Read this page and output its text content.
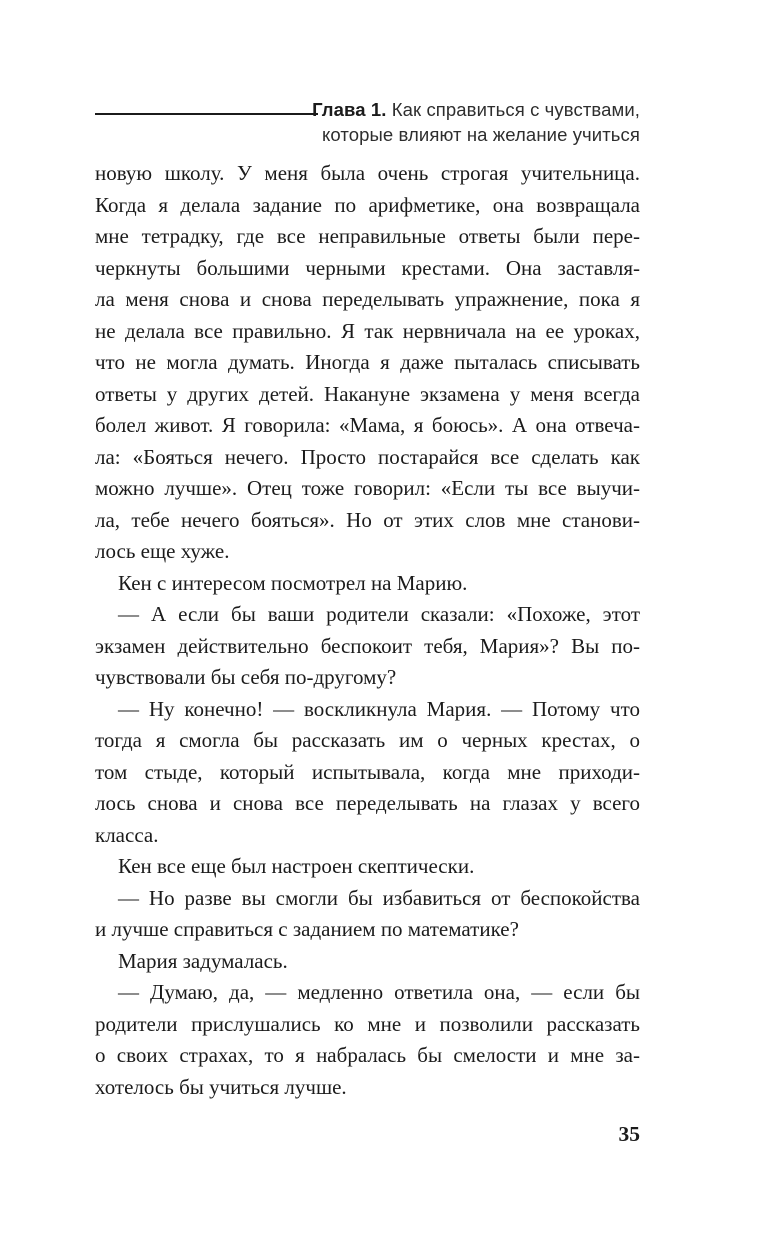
Глава 1. Как справиться с чувствами,
которые влияют на желание учиться
новую школу. У меня была очень строгая учительница.
Когда я делала задание по арифметике, она возвращала
мне тетрадку, где все неправильные ответы были пере-
черкнуты большими черными крестами. Она заставля-
ла меня снова и снова переделывать упражнение, пока я
не делала все правильно. Я так нервничала на ее уроках,
что не могла думать. Иногда я даже пыталась списывать
ответы у других детей. Накануне экзамена у меня всегда
болел живот. Я говорила: «Мама, я боюсь». А она отвеча-
ла: «Бояться нечего. Просто постарайся все сделать как
можно лучше». Отец тоже говорил: «Если ты все выучи-
ла, тебе нечего бояться». Но от этих слов мне станови-
лось еще хуже.
Кен с интересом посмотрел на Марию.
— А если бы ваши родители сказали: «Похоже, этот
экзамен действительно беспокоит тебя, Мария»? Вы по-
чувствовали бы себя по-другому?
— Ну конечно! — воскликнула Мария. — Потому что
тогда я смогла бы рассказать им о черных крестах, о
том стыде, который испытывала, когда мне приходи-
лось снова и снова все переделывать на глазах у всего
класса.
Кен все еще был настроен скептически.
— Но разве вы смогли бы избавиться от беспокойства
и лучше справиться с заданием по математике?
Мария задумалась.
— Думаю, да, — медленно ответила она, — если бы
родители прислушались ко мне и позволили рассказать
о своих страхах, то я набралась бы смелости и мне за-
хотелось бы учиться лучше.
35
